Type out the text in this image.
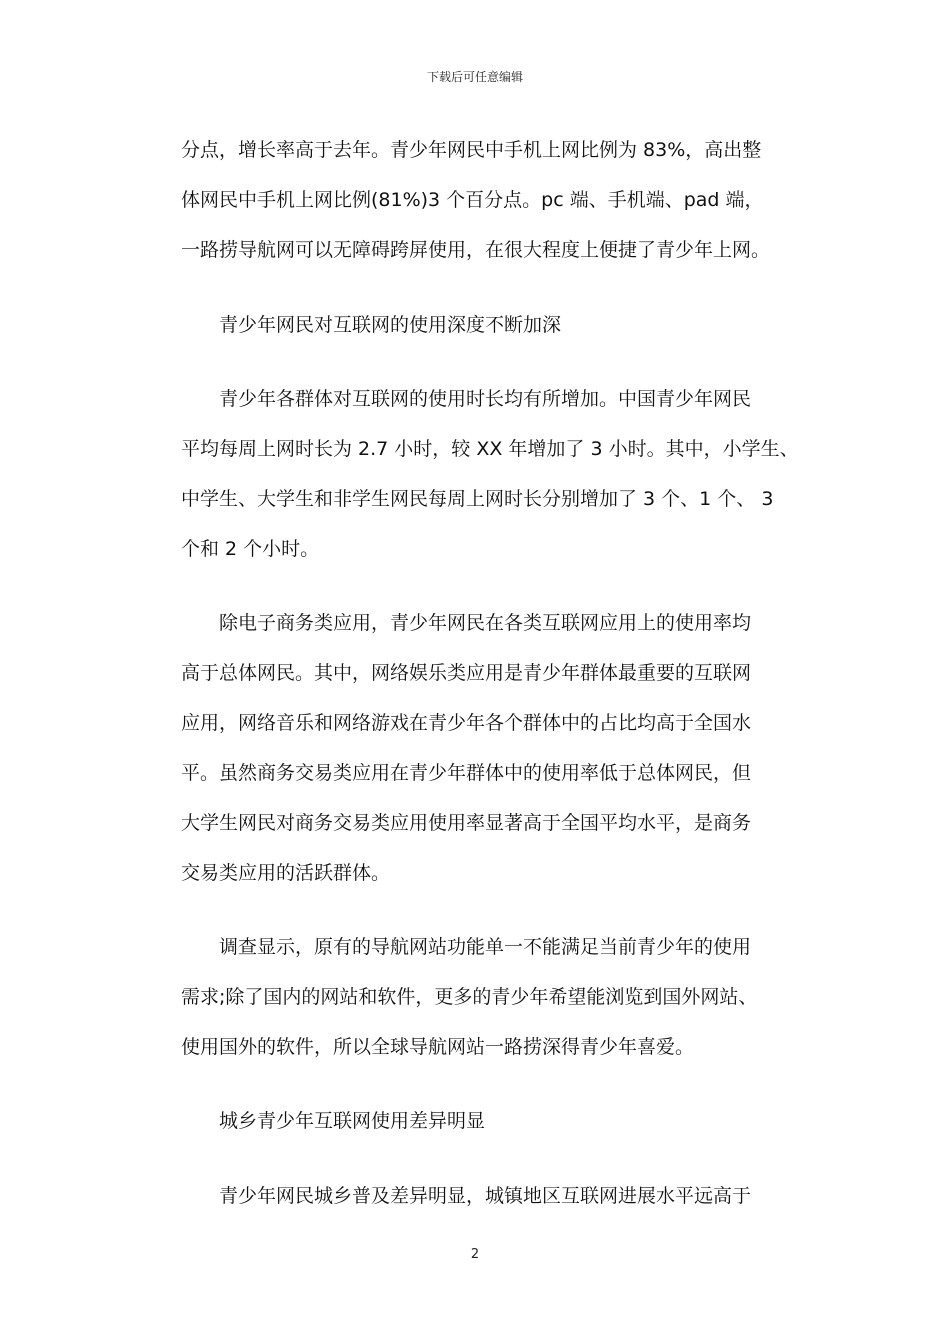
下载后可任意编辑
分点，增长率高于去年。青少年网民中手机上网比例为 83%，高出整
体网民中手机上网比例(81%)3 个百分点。pc 端、手机端、pad 端，
一路捞导航网可以无障碍跨屏使用，在很大程度上便捷了青少年上网。
青少年网民对互联网的使用深度不断加深
青少年各群体对互联网的使用时长均有所增加。中国青少年网民
平均每周上网时长为 2.7 小时，较 XX 年增加了 3 小时。其中，小学生、
中学生、大学生和非学生网民每周上网时长分别增加了 3 个、1 个、 3
个和 2 个小时。
除电子商务类应用，青少年网民在各类互联网应用上的使用率均
高于总体网民。其中，网络娱乐类应用是青少年群体最重要的互联网
应用，网络音乐和网络游戏在青少年各个群体中的占比均高于全国水
平。虽然商务交易类应用在青少年群体中的使用率低于总体网民，但
大学生网民对商务交易类应用使用率显著高于全国平均水平，是商务
交易类应用的活跃群体。
调查显示，原有的导航网站功能单一不能满足当前青少年的使用
需求;除了国内的网站和软件，更多的青少年希望能浏览到国外网站、
使用国外的软件，所以全球导航网站一路捞深得青少年喜爱。
城乡青少年互联网使用差异明显
青少年网民城乡普及差异明显，城镇地区互联网进展水平远高于
2
